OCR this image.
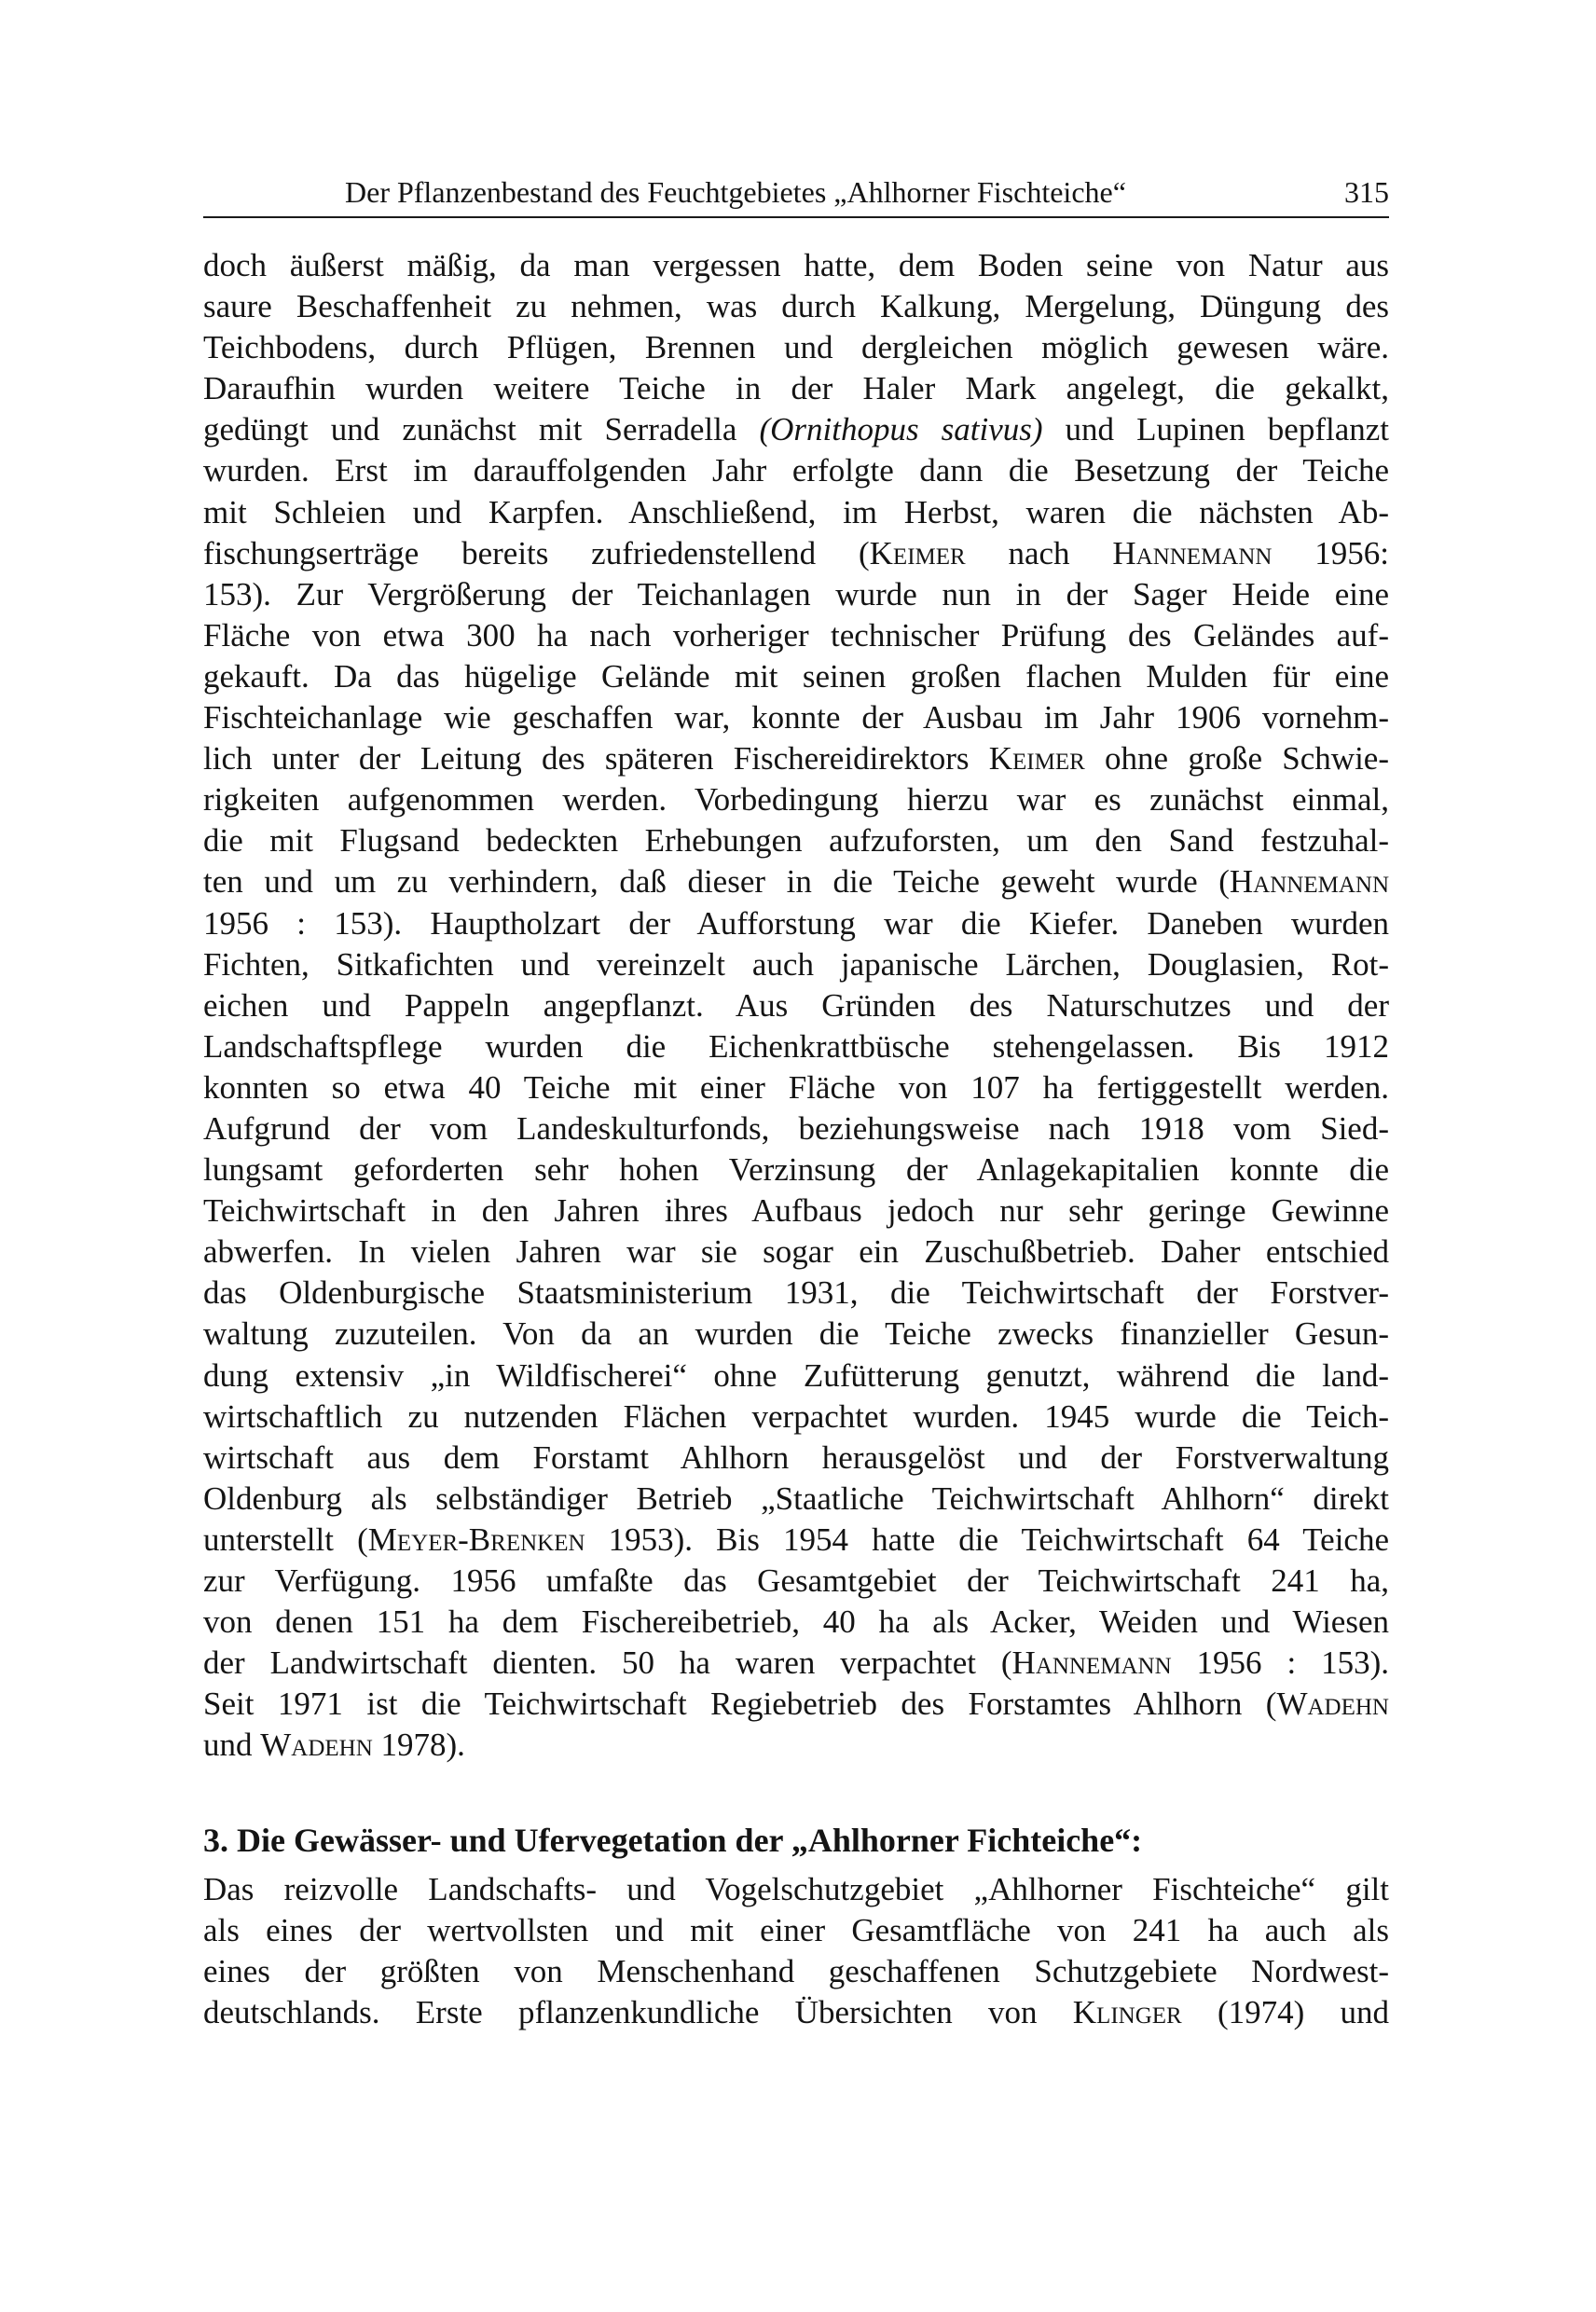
Der Pflanzenbestand des Feuchtgebietes „Ahlhorner Fischteiche“	315
doch äußerst mäßig, da man vergessen hatte, dem Boden seine von Natur aus
saure Beschaffenheit zu nehmen, was durch Kalkung, Mergelung, Düngung des
Teichbodens, durch Pflügen, Brennen und dergleichen möglich gewesen wäre.
Daraufhin wurden weitere Teiche in der Haler Mark angelegt, die gekalkt,
gedüngt und zunächst mit Serradella (Ornithopus sativus) und Lupinen bepflanzt
wurden. Erst im darauffolgenden Jahr erfolgte dann die Besetzung der Teiche
mit Schleien und Karpfen. Anschließend, im Herbst, waren die nächsten Ab-
fischungserträge bereits zufriedenstellend (Keimer nach Hannemann 1956:
153). Zur Vergrößerung der Teichanlagen wurde nun in der Sager Heide eine
Fläche von etwa 300 ha nach vorheriger technischer Prüfung des Geländes auf-
gekauft. Da das hügelige Gelände mit seinen großen flachen Mulden für eine
Fischteichanlage wie geschaffen war, konnte der Ausbau im Jahr 1906 vornehm-
lich unter der Leitung des späteren Fischereidirektors Keimer ohne große Schwie-
rigkeiten aufgenommen werden. Vorbedingung hierzu war es zunächst einmal,
die mit Flugsand bedeckten Erhebungen aufzuforsten, um den Sand festzuhal-
ten und um zu verhindern, daß dieser in die Teiche geweht wurde (Hannemann
1956 : 153). Hauptholzart der Aufforstung war die Kiefer. Daneben wurden
Fichten, Sitkafichten und vereinzelt auch japanische Lärchen, Douglasien, Rot-
eichen und Pappeln angepflanzt. Aus Gründen des Naturschutzes und der
Landschaftspflege wurden die Eichenkrattbüsche stehengelassen. Bis 1912
konnten so etwa 40 Teiche mit einer Fläche von 107 ha fertiggestellt werden.
Aufgrund der vom Landeskulturfonds, beziehungsweise nach 1918 vom Sied-
lungsamt geforderten sehr hohen Verzinsung der Anlagekapitalien konnte die
Teichwirtschaft in den Jahren ihres Aufbaus jedoch nur sehr geringe Gewinne
abwerfen. In vielen Jahren war sie sogar ein Zuschußbetrieb. Daher entschied
das Oldenburgische Staatsministerium 1931, die Teichwirtschaft der Forstver-
waltung zuzuteilen. Von da an wurden die Teiche zwecks finanzieller Gesun-
dung extensiv „in Wildfischerei“ ohne Zufütterung genutzt, während die land-
wirtschaftlich zu nutzenden Flächen verpachtet wurden. 1945 wurde die Teich-
wirtschaft aus dem Forstamt Ahlhorn herausgelöst und der Forstverwaltung
Oldenburg als selbständiger Betrieb „Staatliche Teichwirtschaft Ahlhorn“ direkt
unterstellt (Meyer-Brenken 1953). Bis 1954 hatte die Teichwirtschaft 64 Teiche
zur Verfügung. 1956 umfaßte das Gesamtgebiet der Teichwirtschaft 241 ha,
von denen 151 ha dem Fischereibetrieb, 40 ha als Acker, Weiden und Wiesen
der Landwirtschaft dienten. 50 ha waren verpachtet (Hannemann 1956 : 153).
Seit 1971 ist die Teichwirtschaft Regiebetrieb des Forstamtes Ahlhorn (Wadehn
und Wadehn 1978).
3. Die Gewässer- und Ufervegetation der „Ahlhorner Fichteiche“:
Das reizvolle Landschafts- und Vogelschutzgebiet „Ahlhorner Fischteiche“ gilt
als eines der wertvollsten und mit einer Gesamtfläche von 241 ha auch als
eines der größten von Menschenhand geschaffenen Schutzgebiete Nordwest-
deutschlands. Erste pflanzenkundliche Übersichten von Klinger (1974) und
